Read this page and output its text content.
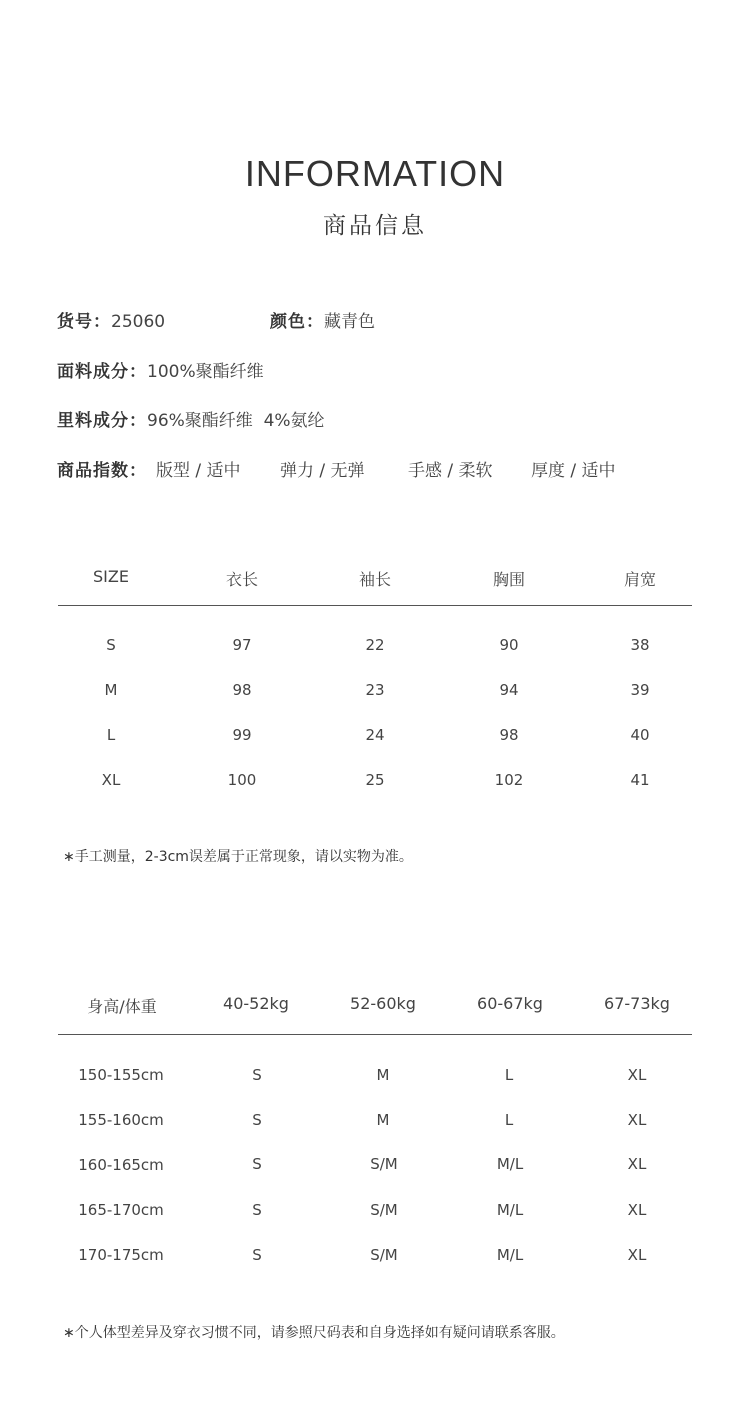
INFORMATION
商品信息
货号：25060	颜色：藏青色
面料成分：100%聚酯纤维
里料成分：96%聚酯纤维  4%氨纶
商品指数： 版型 / 适中 弹力 / 无弹	手感 / 柔软 厚度 / 适中
SIZE	衣长	袖长	胸围	肩宽
S	97	22	90	38
M	98	23	94	39
L	99	24	98	40
XL	100	25	102	41
∗手工测量，2-3cm误差属于正常现象，请以实物为准。
身高/体重	40-52kg	52-60kg	60-67kg	67-73kg
150-155cm	S	M	L	XL
155-160cm	S	M	L	XL
160-165cm	S	S/M	M/L	XL
165-170cm	S	S/M	M/L	XL
170-175cm	S	S/M	M/L	XL
∗个人体型差异及穿衣习惯不同，请参照尺码表和自身选择如有疑问请联系客服。
